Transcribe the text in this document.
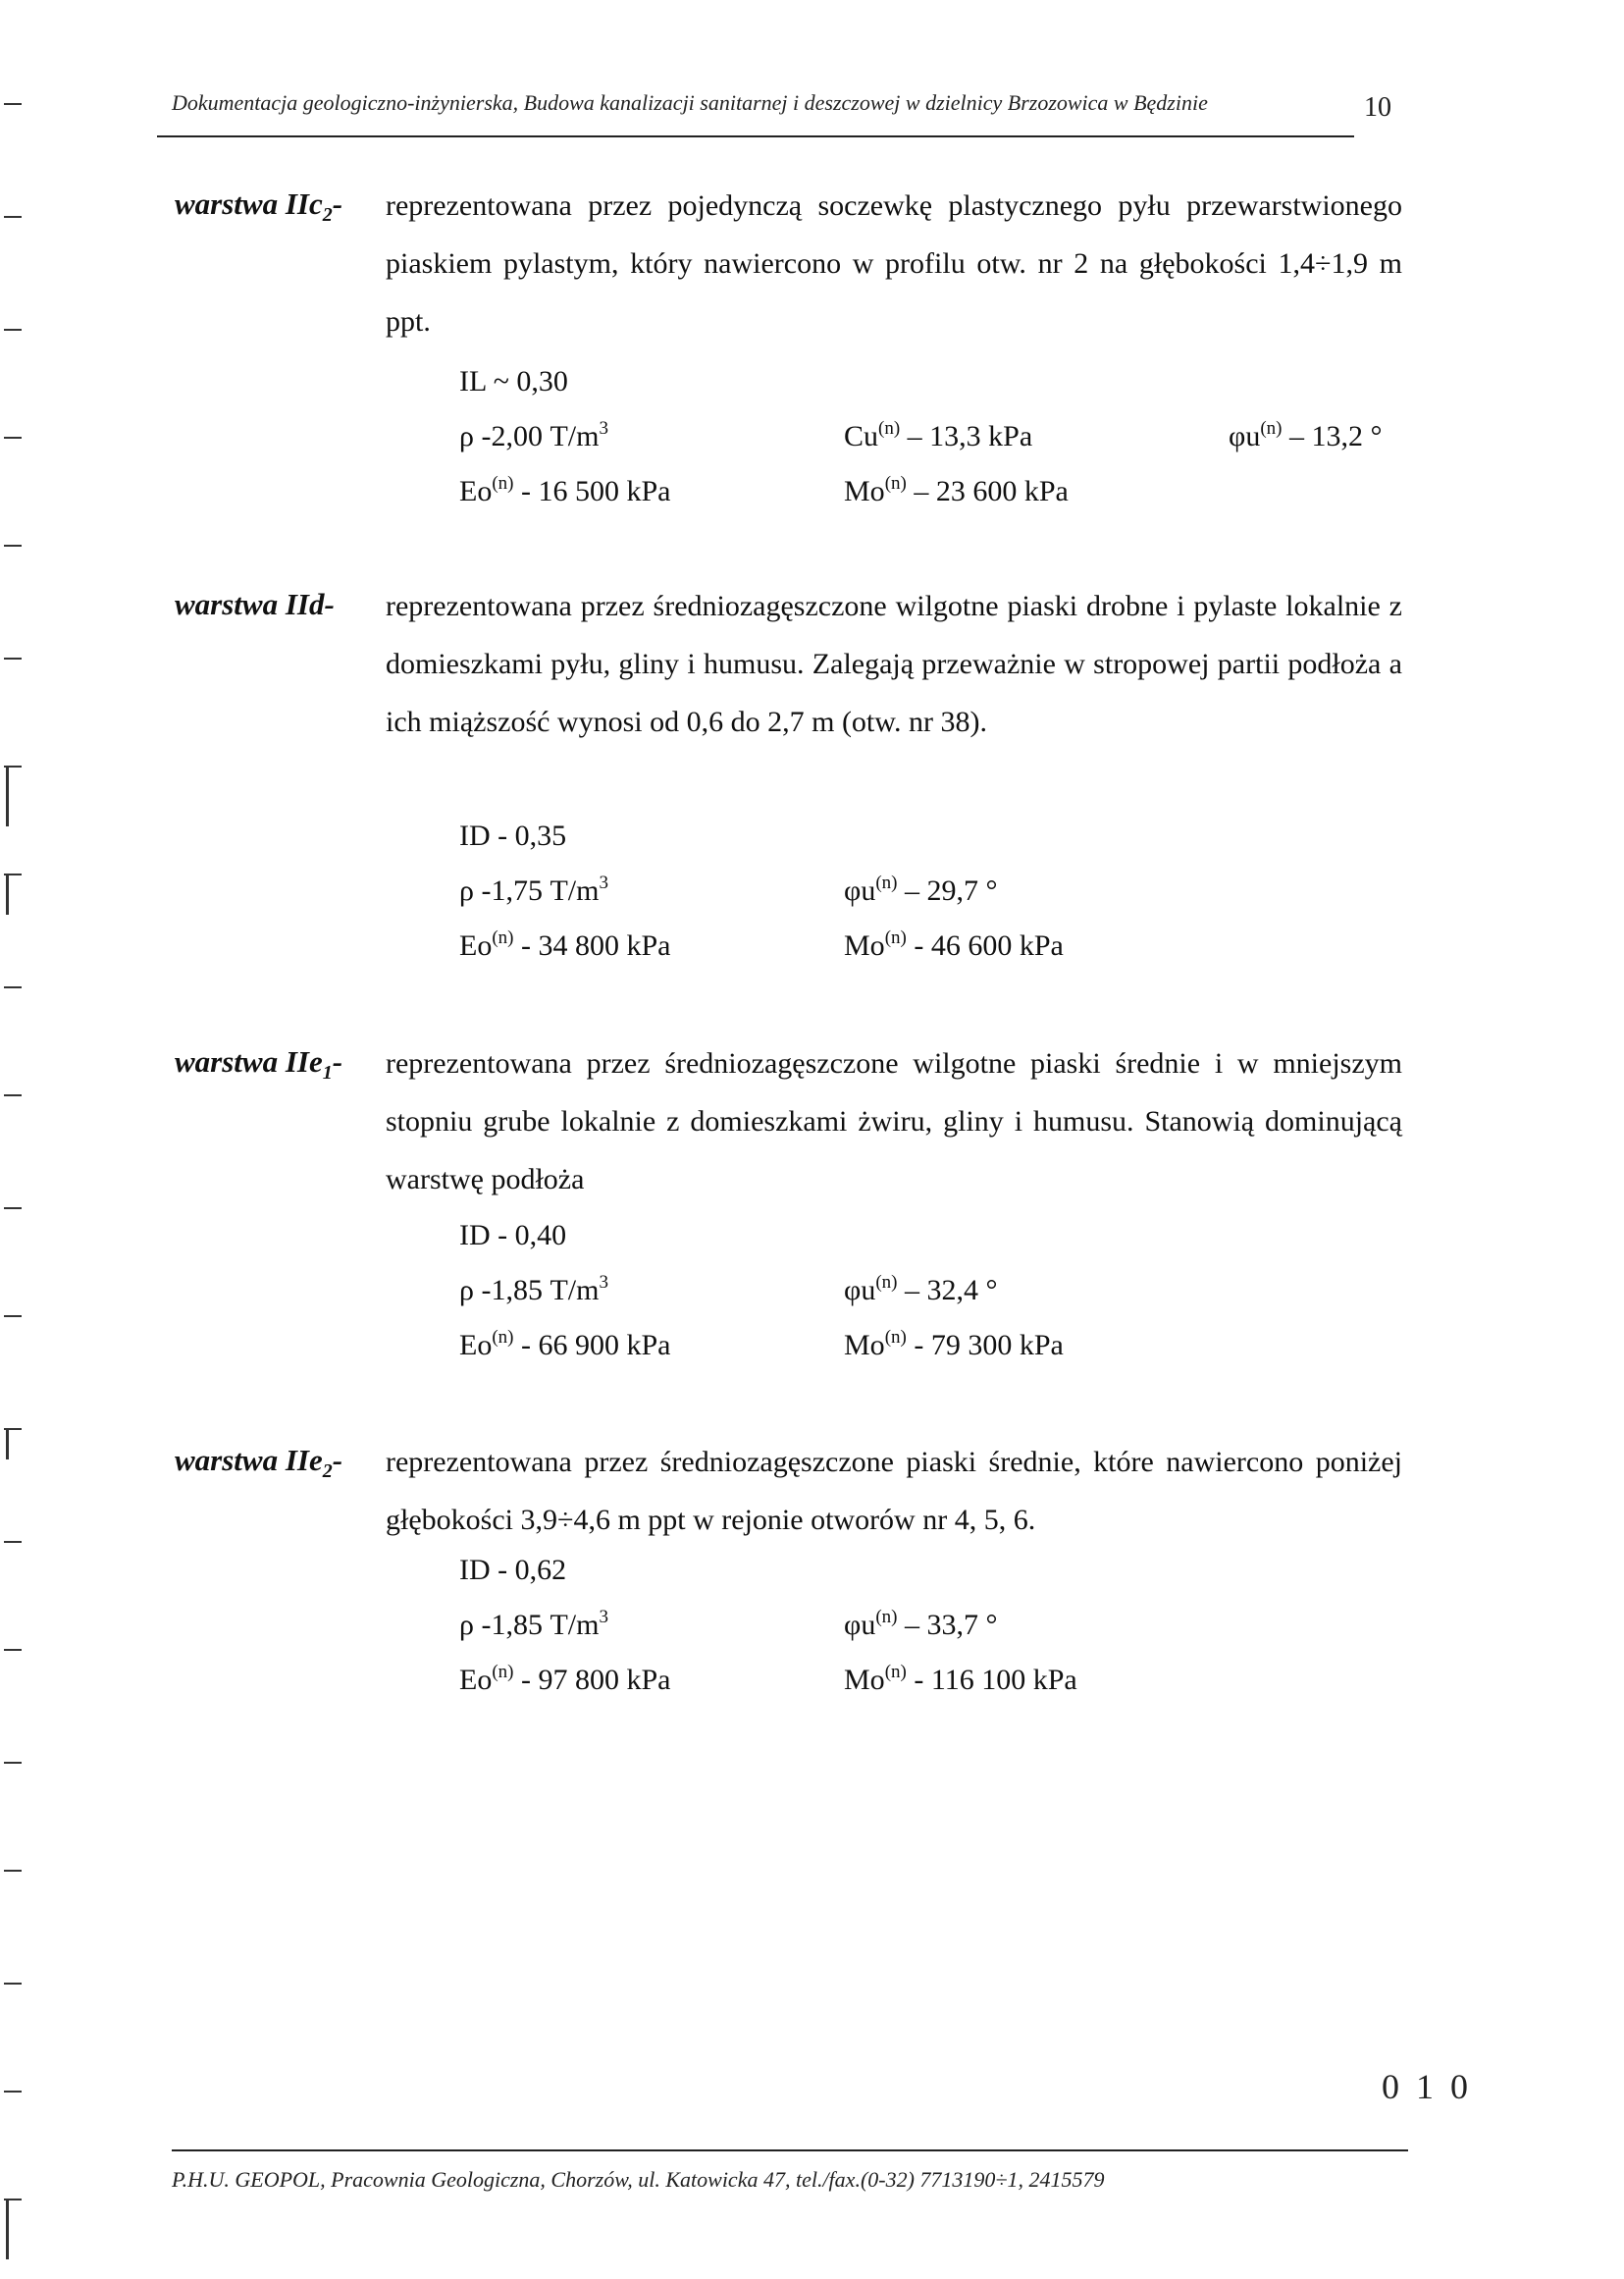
Dokumentacja geologiczno-inżynierska, Budowa kanalizacji sanitarnej i deszczowej w dzielnicy Brzozowica w Będzinie	10
warstwa IIc$_2$- reprezentowana przez pojedynczą soczewkę plastycznego pyłu przewarstwionego piaskiem pylastym, który nawiercono w profilu otw. nr 2 na głębokości 1,4÷1,9 m ppt.
IL ~ 0,30
ρ -2,00 $T/m^3$	Cu$^{(n)}$ – 13,3 kPa	$\varphi u^{(n)} - 13,2$ °
Eo$^{(n)}$ - 16 500 kPa	Mo$^{(n)}$ – 23 600 kPa
warstwa IId- reprezentowana przez średniozagęszczone wilgotne piaski drobne i pylaste lokalnie z domieszkami pyłu, gliny i humusu. Zalegają przeważnie w stropowej partii podłoża a ich miąższość wynosi od 0,6 do 2,7 m (otw. nr 38).
ID - 0,35
ρ -1,75 $T/m^3$	$\varphi u^{(n)} - 29,7$ °
Eo$^{(n)}$ - 34 800 kPa	Mo$^{(n)}$ - 46 600 kPa
warstwa IIe$_1$- reprezentowana przez średniozagęszczone wilgotne piaski średnie i w mniejszym stopniu grube lokalnie z domieszkami żwiru, gliny i humusu. Stanowią dominującą warstwę podłoża
ID - 0,40
ρ -1,85 $T/m^3$	$\varphi u^{(n)} - 32,4$ °
Eo$^{(n)}$ - 66 900 kPa	Mo$^{(n)}$ - 79 300 kPa
warstwa IIe$_2$- reprezentowana przez średniozagęszczone piaski średnie, które nawiercono poniżej głębokości 3,9÷4,6 m ppt w rejonie otworów nr 4, 5, 6.
ID - 0,62
ρ -1,85 $T/m^3$	$\varphi u^{(n)} - 33,7$ °
Eo$^{(n)}$ - 97 800 kPa	Mo$^{(n)}$ - 116 100 kPa
0 1 0
P.H.U. GEOPOL, Pracownia Geologiczna, Chorzów, ul. Katowicka 47, tel./fax.(0-32) 7713190÷1, 2415579
